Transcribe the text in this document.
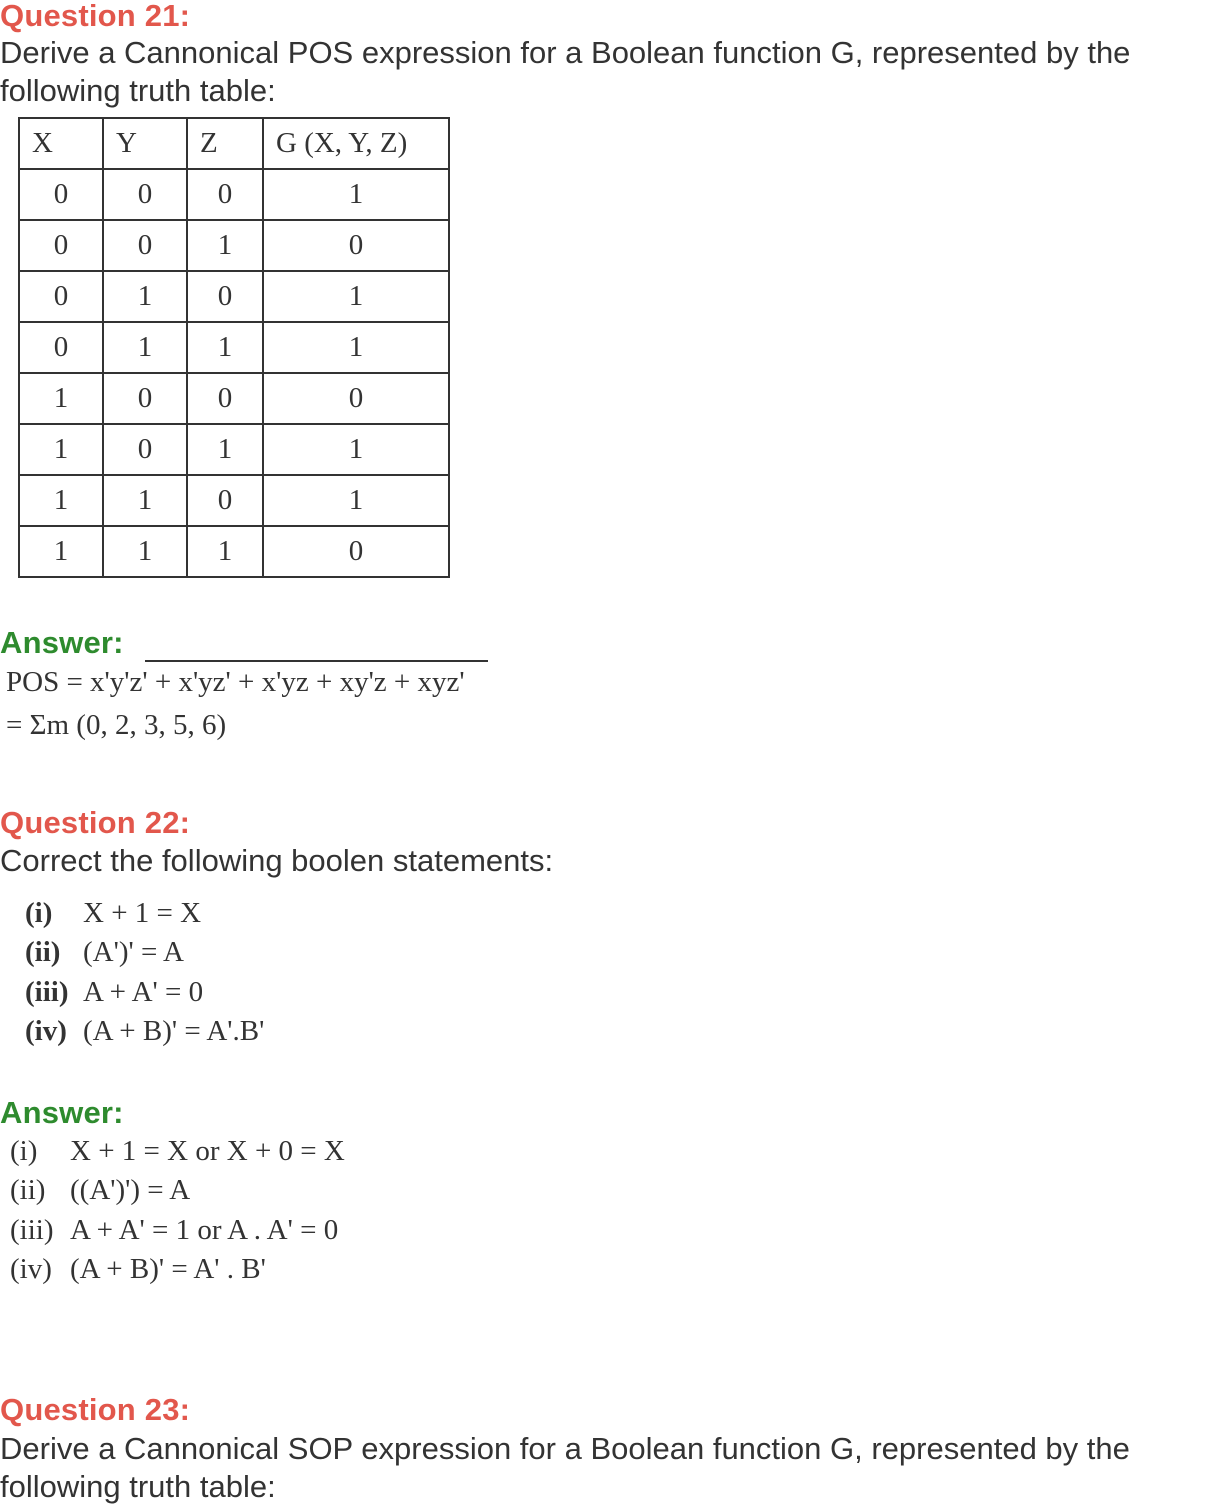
Question 21:
Derive a Cannonical POS expression for a Boolean function G, represented by the
following truth table:
X	Y	Z	G (X, Y, Z)
0	0	0	1
0	0	1	0
0	1	0	1
0	1	1	1
1	0	0	0
1	0	1	1
1	1	0	1
1	1	1	0
Answer:
POS = x'y'z' + x'yz' + x'yz + xy'z + xyz'
= Σm (0, 2, 3, 5, 6)
Question 22:
Correct the following boolen statements:
(i) X + 1 = X
(ii) (A')' = A
(iii) A + A' = 0
(iv) (A + B)' = A'.B'
Answer:
(i) X + 1 = X or X + 0 = X
(ii) ((A')') = A
(iii) A + A' = 1 or A . A' = 0
(iv) (A + B)' = A' . B'
Question 23:
Derive a Cannonical SOP expression for a Boolean function G, represented by the
following truth table:
